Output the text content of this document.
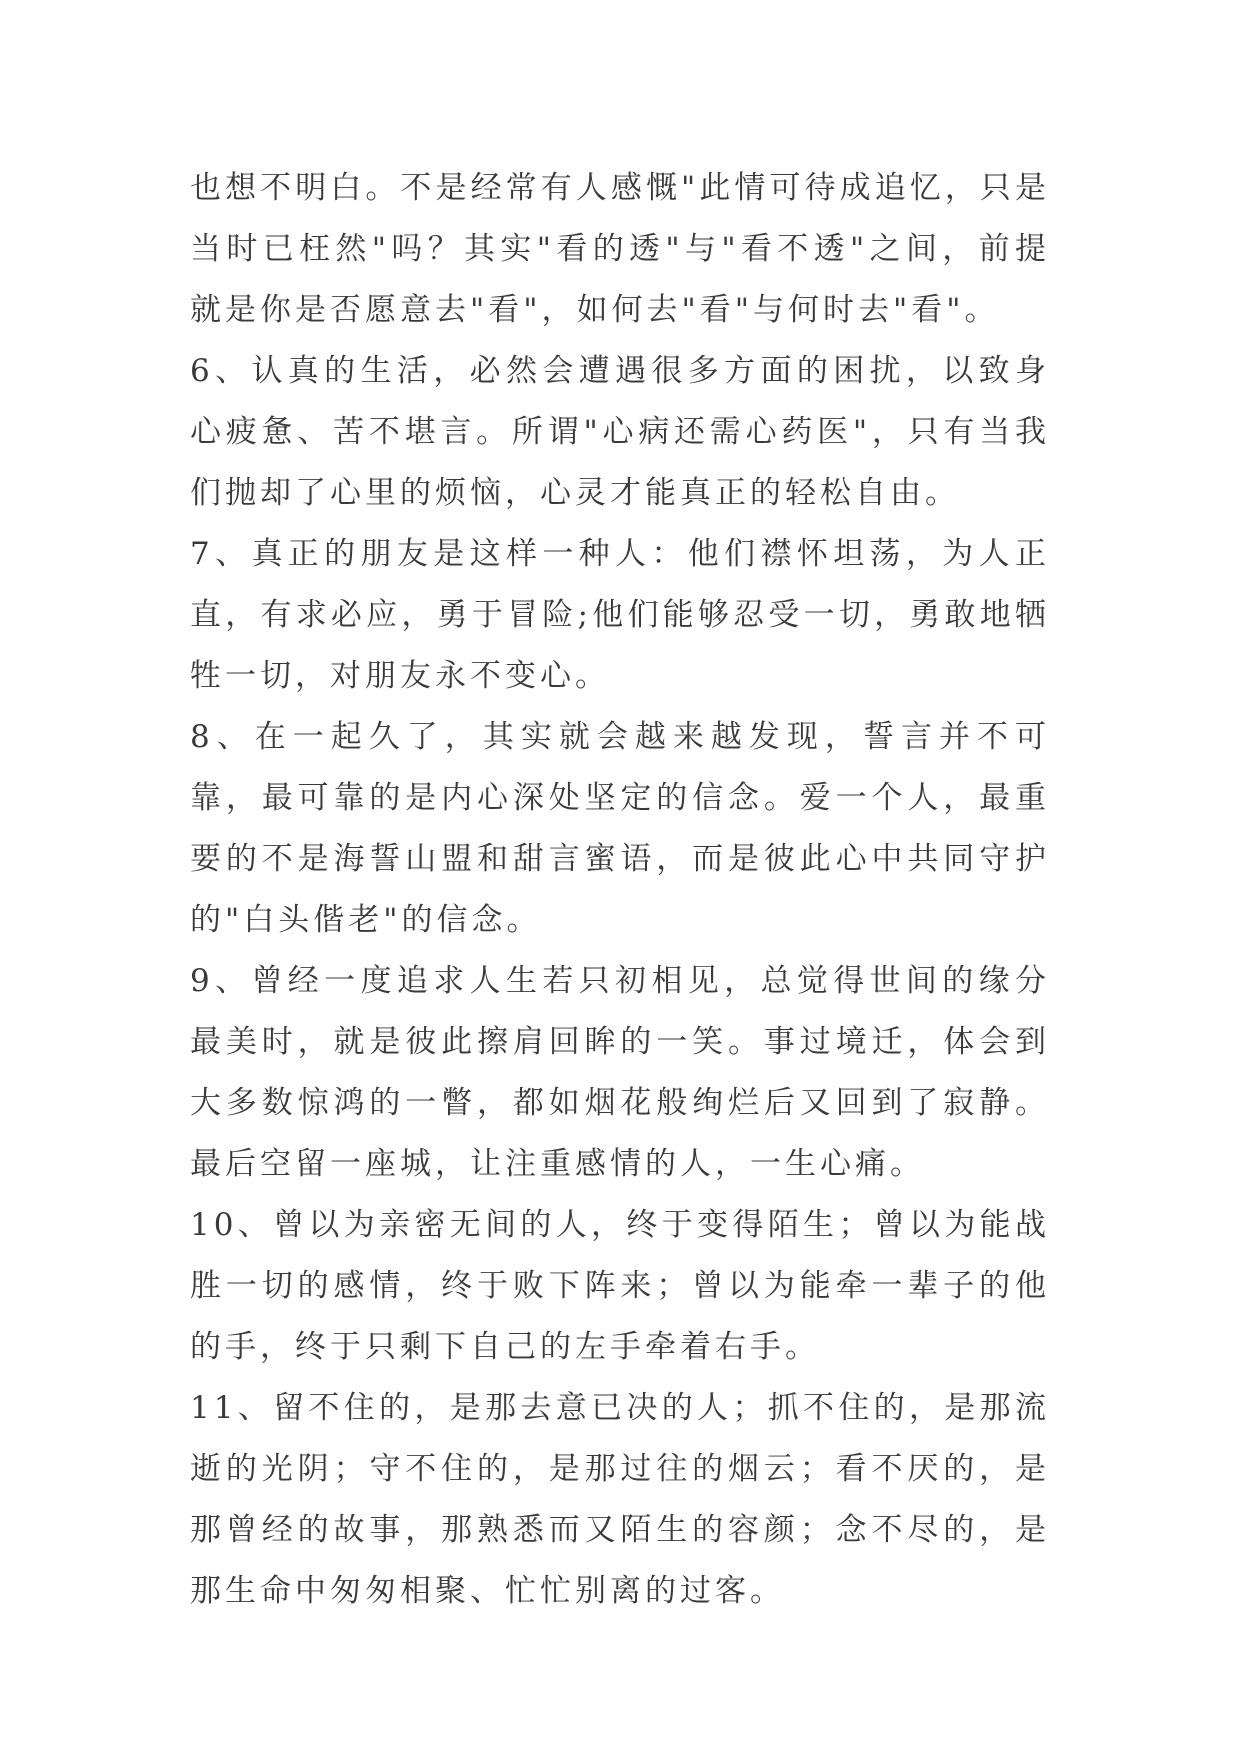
也想不明白。不是经常有人感慨"此情可待成追忆，只是当时已枉然"吗？其实"看的透"与"看不透"之间，前提就是你是否愿意去"看"，如何去"看"与何时去"看"。

6、认真的生活，必然会遭遇很多方面的困扰，以致身心疲惫、苦不堪言。所谓"心病还需心药医"，只有当我们抛却了心里的烦恼，心灵才能真正的轻松自由。

7、真正的朋友是这样一种人：他们襟怀坦荡，为人正直，有求必应，勇于冒险;他们能够忍受一切，勇敢地牺牲一切，对朋友永不变心。

8、在一起久了，其实就会越来越发现，誓言并不可靠，最可靠的是内心深处坚定的信念。爱一个人，最重要的不是海誓山盟和甜言蜜语，而是彼此心中共同守护的"白头偕老"的信念。

9、曾经一度追求人生若只初相见，总觉得世间的缘分最美时，就是彼此擦肩回眸的一笑。事过境迁，体会到大多数惊鸿的一瞥，都如烟花般绚烂后又回到了寂静。最后空留一座城，让注重感情的人，一生心痛。

10、曾以为亲密无间的人，终于变得陌生；曾以为能战胜一切的感情，终于败下阵来；曾以为能牵一辈子的他的手，终于只剩下自己的左手牵着右手。

11、留不住的，是那去意已决的人；抓不住的，是那流逝的光阴；守不住的，是那过往的烟云；看不厌的，是那曾经的故事，那熟悉而又陌生的容颜；念不尽的，是那生命中匆匆相聚、忙忙别离的过客。
